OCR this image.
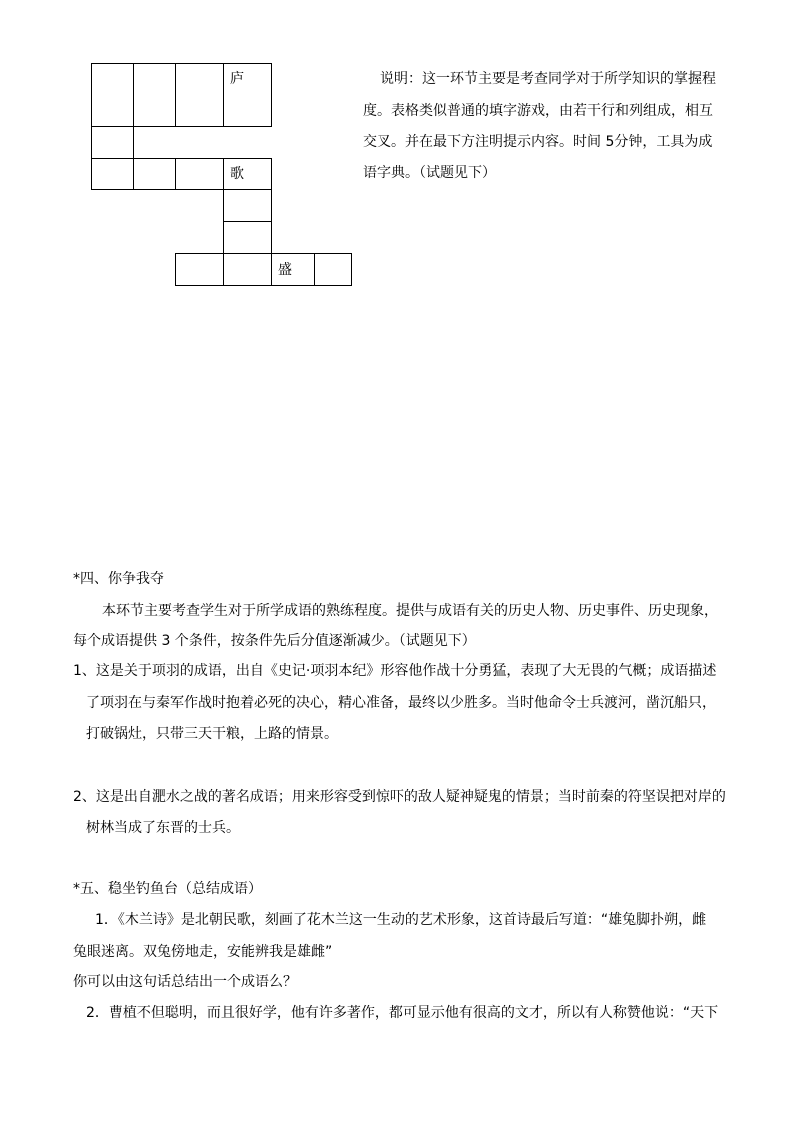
庐
歌
盛
说明：这一环节主要是考查同学对于所学知识的掌握程
度。表格类似普通的填字游戏，由若干行和列组成，相互
交叉。并在最下方注明提示内容。时间 5分钟，工具为成
语字典。（试题见下）
*四、你争我夺
本环节主要考查学生对于所学成语的熟练程度。提供与成语有关的历史人物、历史事件、历史现象，
每个成语提供 3 个条件，按条件先后分值逐渐减少。（试题见下）
1、这是关于项羽的成语，出自《史记·项羽本纪》形容他作战十分勇猛，表现了大无畏的气概；成语描述
了项羽在与秦军作战时抱着必死的决心，精心准备，最终以少胜多。当时他命令士兵渡河，凿沉船只，
打破锅灶，只带三天干粮，上路的情景。
2、这是出自淝水之战的著名成语；用来形容受到惊吓的敌人疑神疑鬼的情景；当时前秦的符坚误把对岸的
树林当成了东晋的士兵。
*五、稳坐钓鱼台（总结成语）
1．《木兰诗》是北朝民歌，刻画了花木兰这一生动的艺术形象，这首诗最后写道：“雄兔脚扑朔，雌
兔眼迷离。双兔傍地走，安能辨我是雄雌”
你可以由这句话总结出一个成语么？
2．曹植不但聪明，而且很好学，他有许多著作，都可显示他有很高的文才，所以有人称赞他说：“天下
